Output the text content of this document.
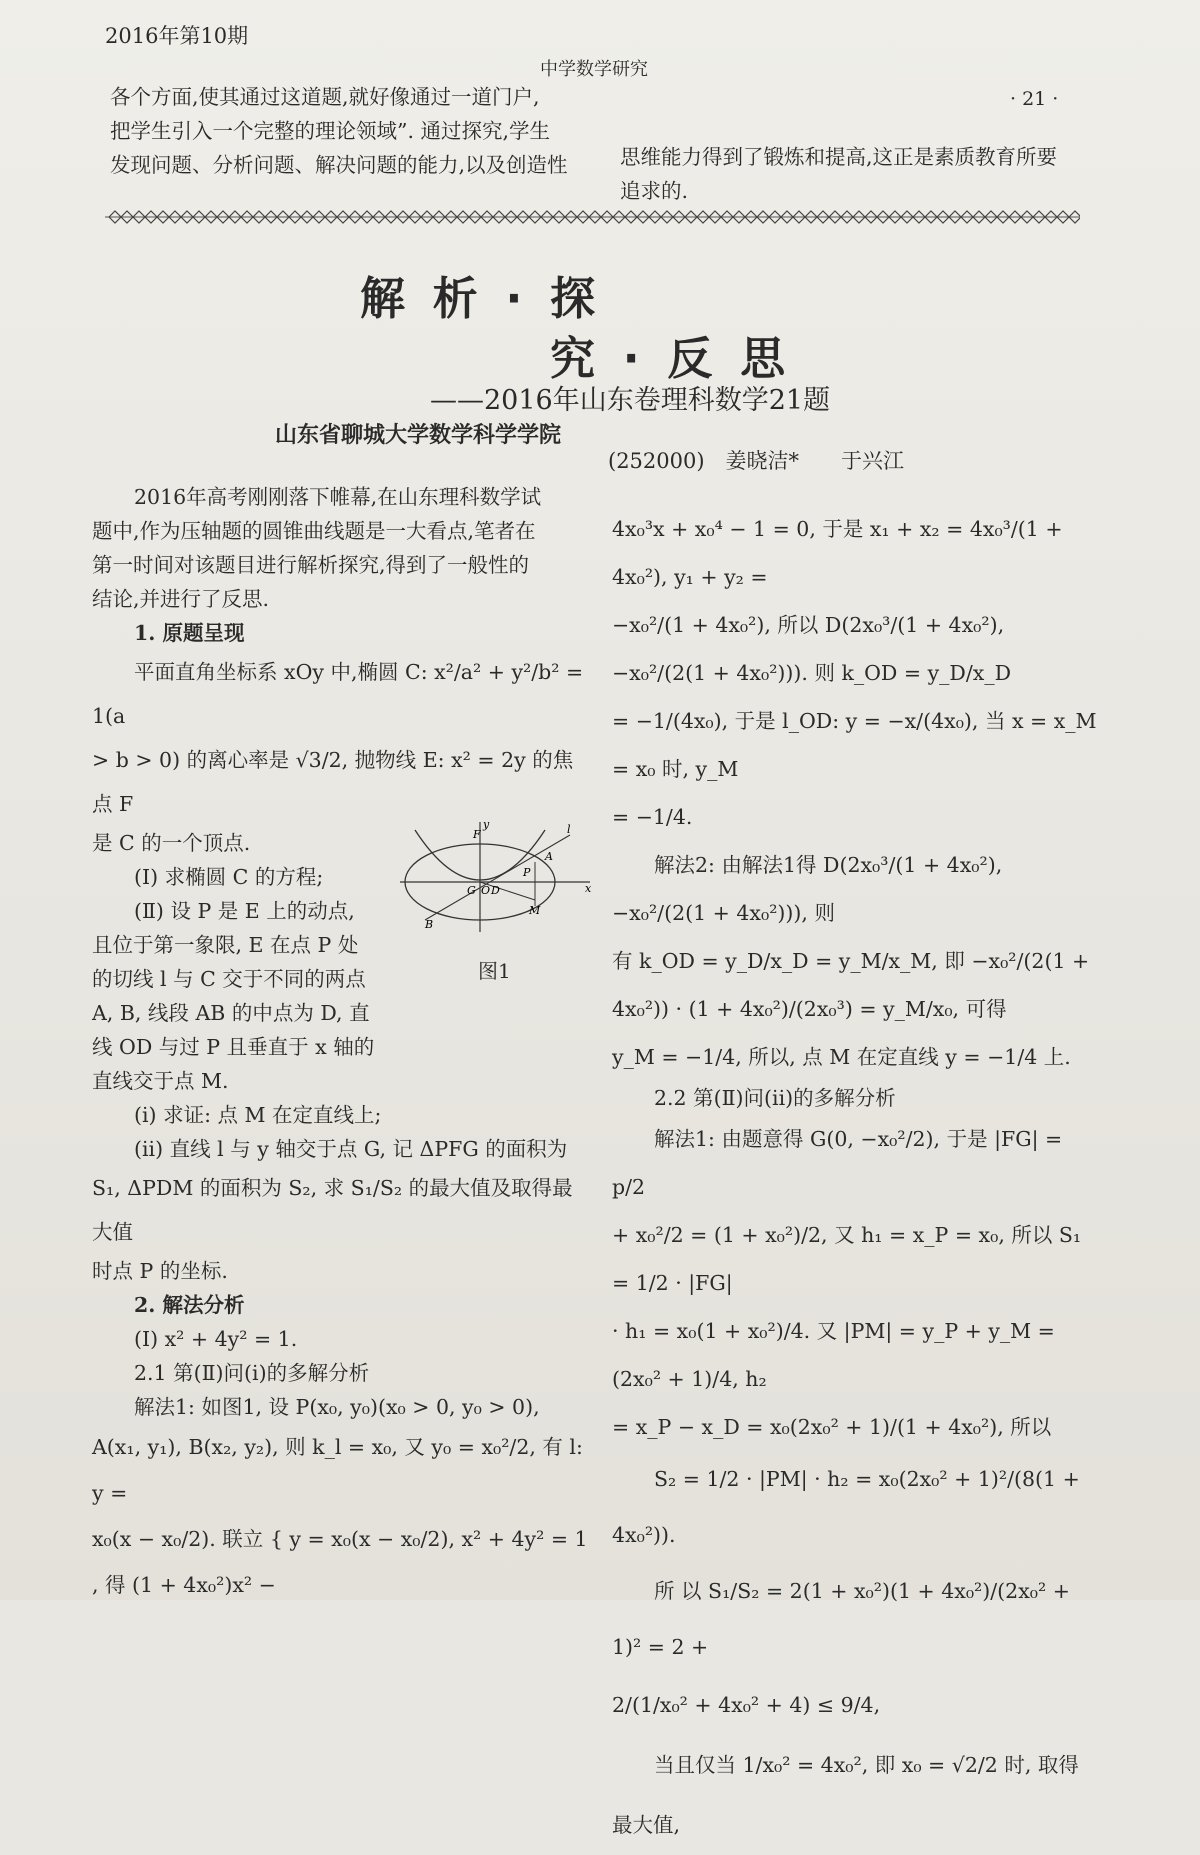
2016年第10期
中学数学研究
· 21 ·

各个方面,使其通过这道题,就好像通过一道门户,

把学生引入一个完整的理论领域”. 通过探究,学生

发现问题、分析问题、解决问题的能力,以及创造性	思维能力得到了锻炼和提高,这正是素质教育所要

追求的.

解 析 · 探
究 · 反 思
——2016年山东卷理科数学21题
山东省聊城大学数学科学学院
(252000)　姜晓洁*　　于兴江

2016年高考刚刚落下帷幕,在山东理科数学试

题中,作为压轴题的圆锥曲线题是一大看点,笔者在

第一时间对该题目进行解析探究,得到了一般性的

结论,并进行了反思.

1. 原题呈现

平面直角坐标系 xOy 中,椭圆 C: x²/a² + y²/b² = 1(a

> b > 0) 的离心率是 √3/2, 抛物线 E: x² = 2y 的焦点 F

是 C 的一个顶点.

(Ⅰ) 求椭圆 C 的方程;

(Ⅱ) 设 P 是 E 上的动点,

且位于第一象限, E 在点 P 处

的切线 l 与 C 交于不同的两点

A, B, 线段 AB 的中点为 D, 直

线 OD 与过 P 且垂直于 x 轴的

直线交于点 M.

(i) 求证: 点 M 在定直线上;

(ii) 直线 l 与 y 轴交于点 G, 记 ΔPFG 的面积为

S₁, ΔPDM 的面积为 S₂, 求 S₁/S₂ 的最大值及取得最大值

时点 P 的坐标.

2. 解法分析

(Ⅰ) x² + 4y² = 1.

2.1 第(Ⅱ)问(i)的多解分析

解法1: 如图1, 设 P(x₀, y₀)(x₀ > 0, y₀ > 0),

A(x₁, y₁), B(x₂, y₂), 则 k_l = x₀, 又 y₀ = x₀²/2, 有 l: y =

x₀(x − x₀/2). 联立 { y = x₀(x − x₀/2), x² + 4y² = 1 , 得 (1 + 4x₀²)x² −

F	l
A
B
P
M
D
G O	x
y
图1

4x₀³x + x₀⁴ − 1 = 0, 于是 x₁ + x₂ = 4x₀³/(1 + 4x₀²), y₁ + y₂ =

−x₀²/(1 + 4x₀²), 所以 D(2x₀³/(1 + 4x₀²), −x₀²/(2(1 + 4x₀²))). 则 k_OD = y_D/x_D

= −1/(4x₀), 于是 l_OD: y = −x/(4x₀), 当 x = x_M = x₀ 时, y_M

= −1/4.

解法2: 由解法1得 D(2x₀³/(1 + 4x₀²), −x₀²/(2(1 + 4x₀²))), 则

有 k_OD = y_D/x_D = y_M/x_M, 即 −x₀²/(2(1 + 4x₀²)) · (1 + 4x₀²)/(2x₀³) = y_M/x₀, 可得

y_M = −1/4, 所以, 点 M 在定直线 y = −1/4 上.

2.2 第(Ⅱ)问(ii)的多解分析

解法1: 由题意得 G(0, −x₀²/2), 于是 |FG| = p/2

+ x₀²/2 = (1 + x₀²)/2, 又 h₁ = x_P = x₀, 所以 S₁ = 1/2 · |FG|

· h₁ = x₀(1 + x₀²)/4. 又 |PM| = y_P + y_M = (2x₀² + 1)/4, h₂

= x_P − x_D = x₀(2x₀² + 1)/(1 + 4x₀²), 所以

S₂ = 1/2 · |PM| · h₂ = x₀(2x₀² + 1)²/(8(1 + 4x₀²)).

所 以 S₁/S₂ = 2(1 + x₀²)(1 + 4x₀²)/(2x₀² + 1)² = 2 +

2/(1/x₀² + 4x₀² + 4) ≤ 9/4,

当且仅当 1/x₀² = 4x₀², 即 x₀ = √2/2 时, 取得最大值,
